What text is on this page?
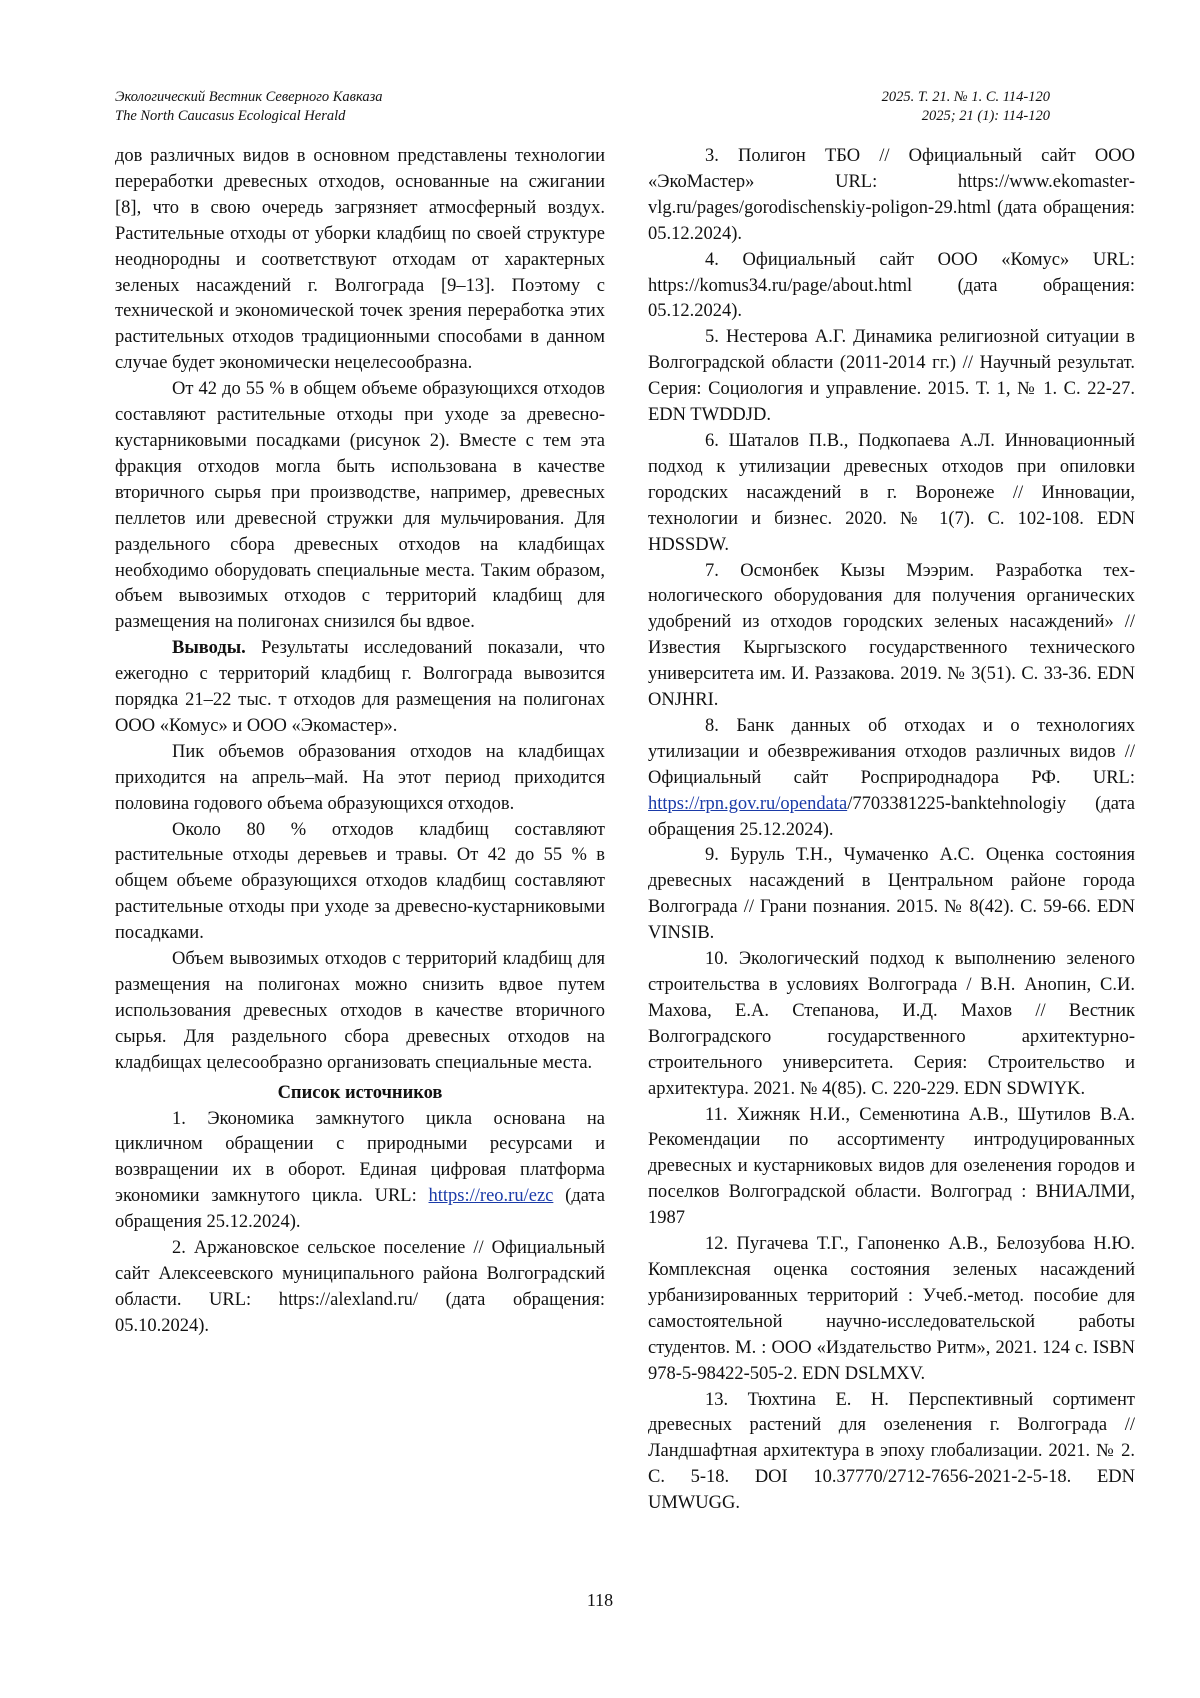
Экологический Вестник Северного Кавказа	2025. Т. 21. № 1. С. 114-120
The North Caucasus Ecological Herald	2025; 21 (1): 114-120

дов различных видов в основном представлены технологии переработки древесных отходов, основанные на сжигании [8], что в свою очередь загрязняет атмосферный воздух. Растительные отходы от уборки кладбищ по своей структуре неоднородны и соответствуют отходам от характерных зеленых насаждений г. Волгограда [9–13]. Поэтому с технической и экономической точек зрения переработка этих растительных отходов традиционными способами в данном случае будет экономически нецелесообразна.

От 42 до 55 % в общем объеме образующихся отходов составляют растительные отходы при уходе за древесно-кустарниковыми посадками (рисунок 2). Вместе с тем эта фракция отходов могла быть использована в качестве вторичного сырья при производстве, например, древесных пеллетов или древесной стружки для мульчирования. Для раздельного сбора древесных отходов на кладбищах необходимо оборудовать специальные места. Таким образом, объем вывозимых отходов с территорий кладбищ для размещения на полигонах снизился бы вдвое.

Выводы. Результаты исследований показали, что ежегодно с территорий кладбищ г. Волгограда вывозится порядка 21–22 тыс. т отходов для размещения на полигонах ООО «Комус» и ООО «Экомастер».

Пик объемов образования отходов на кладбищах приходится на апрель–май. На этот период приходится половина годового объема образующихся отходов.

Около 80 % отходов кладбищ составляют растительные отходы деревьев и травы. От 42 до 55 % в общем объеме образующихся отходов кладбищ составляют растительные отходы при уходе за древесно-кустарниковыми посадками.

Объем вывозимых отходов с территорий кладбищ для размещения на полигонах можно снизить вдвое путем использования древесных отходов в качестве вторичного сырья. Для раздельного сбора древесных отходов на кладбищах целесообразно организовать специальные места.

Список источников

1. Экономика замкнутого цикла основана на цикличном обращении с природными ресурсами и возвращении их в оборот. Единая цифровая платформа экономики замкнутого цикла. URL: https://reo.ru/ezc (дата обращения 25.12.2024).

2. Аржановское сельское поселение // Официальный сайт Алексеевского муниципального района Волгоградский области. URL: https://alexland.ru/ (дата обращения: 05.10.2024).

3. Полигон ТБО // Официальный сайт ООО «ЭкоМастер» URL: https://www.ekomastervlg.ru/pages/gorodischenskiy-poligon-29.html (дата обращения: 05.12.2024).

4. Официальный сайт ООО «Комус» URL: https://komus34.ru/page/about.html (дата обращения: 05.12.2024).

5. Нестерова А.Г. Динамика религиозной ситуации в Волгоградской области (2011-2014 гг.) // Научный результат. Серия: Социология и управление. 2015. Т. 1, № 1. С. 22-27. EDN TWDDJD.

6. Шаталов П.В., Подкопаева А.Л. Инновационный подход к утилизации древесных отходов при опиловки городских насаждений в г. Воронеже // Инновации, технологии и бизнес. 2020. № 1(7). С. 102-108. EDN HDSSDW.

7. Осмонбек Кызы Мээрим. Разработка технологического оборудования для получения органических удобрений из отходов городских зеленых насаждений» // Известия Кыргызского государственного технического университета им. И. Раззакова. 2019. № 3(51). С. 33-36. EDN ONJHRI.

8. Банк данных об отходах и о технологиях утилизации и обезвреживания отходов различных видов // Официальный сайт Росприроднадора РФ. URL: https://rpn.gov.ru/opendata/7703381225-banktehnologiy (дата обращения 25.12.2024).

9. Буруль Т.Н., Чумаченко А.С. Оценка состояния древесных насаждений в Центральном районе города Волгограда // Грани познания. 2015. № 8(42). С. 59-66. EDN VINSIB.

10. Экологический подход к выполнению зеленого строительства в условиях Волгограда / В.Н. Анопин, С.И. Махова, Е.А. Степанова, И.Д. Махов // Вестник Волгоградского государственного архитектурно-строительного университета. Серия: Строительство и архитектура. 2021. № 4(85). С. 220-229. EDN SDWIYK.

11. Хижняк Н.И., Семенютина А.В., Шутилов В.А. Рекомендации по ассортименту интродуцированных древесных и кустарниковых видов для озеленения городов и поселков Волгоградской области. Волгоград : ВНИАЛМИ, 1987

12. Пугачева Т.Г., Гапоненко А.В., Белозубова Н.Ю. Комплексная оценка состояния зеленых насаждений урбанизированных территорий : Учеб.-метод. пособие для самостоятельной научно-исследовательской работы студентов. М. : ООО «Издательство Ритм», 2021. 124 с. ISBN 978-5-98422-505-2. EDN DSLMXV.

13. Тюхтина Е. Н. Перспективный сортимент древесных растений для озеленения г. Волгограда // Ландшафтная архитектура в эпоху глобализации. 2021. № 2. С. 5-18. DOI 10.37770/2712-7656-2021-2-5-18. EDN UMWUGG.

118
